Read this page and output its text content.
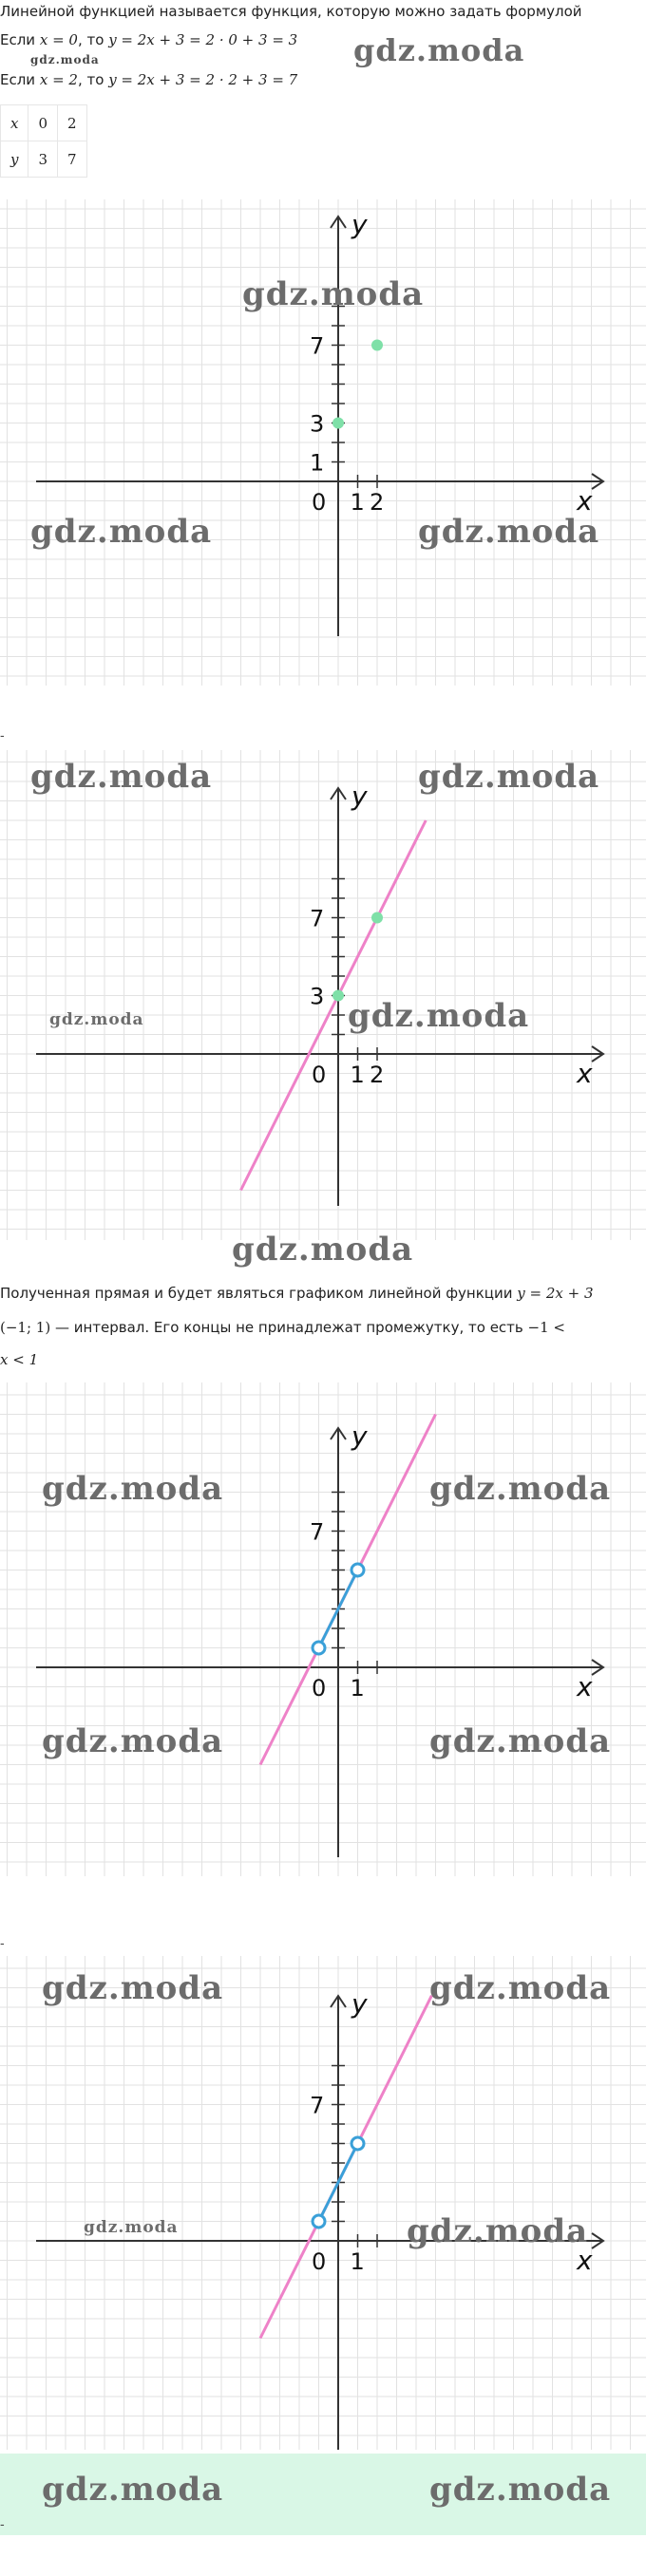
Линейной функцией называется функция, которую можно задать формулой
Если x = 0, то y = 2x + 3 = 2 · 0 + 3 = 3 gdz.moda
gdz.moda
Если x = 2, то y = 2x + 3 = 2 · 2 + 3 = 7
x	0	2
y	3	7
y
x
0 1 2
1
3
7
gdz.moda
gdz.moda	gdz.moda
-
y
x
0 1 2
3
7
gdz.moda	gdz.moda
gdz.moda	gdz.moda
gdz.moda
Полученная прямая и будет являться графиком линейной функции y = 2x + 3
(−1; 1) — интервал. Его концы не принадлежат промежутку, то есть −1 <
x < 1
y
x
0 1
7
gdz.moda	gdz.moda
gdz.moda	gdz.moda
-
y
x
0 1
7
gdz.moda	gdz.moda
gdz.moda	gdz.moda
gdz.moda	gdz.moda
-
